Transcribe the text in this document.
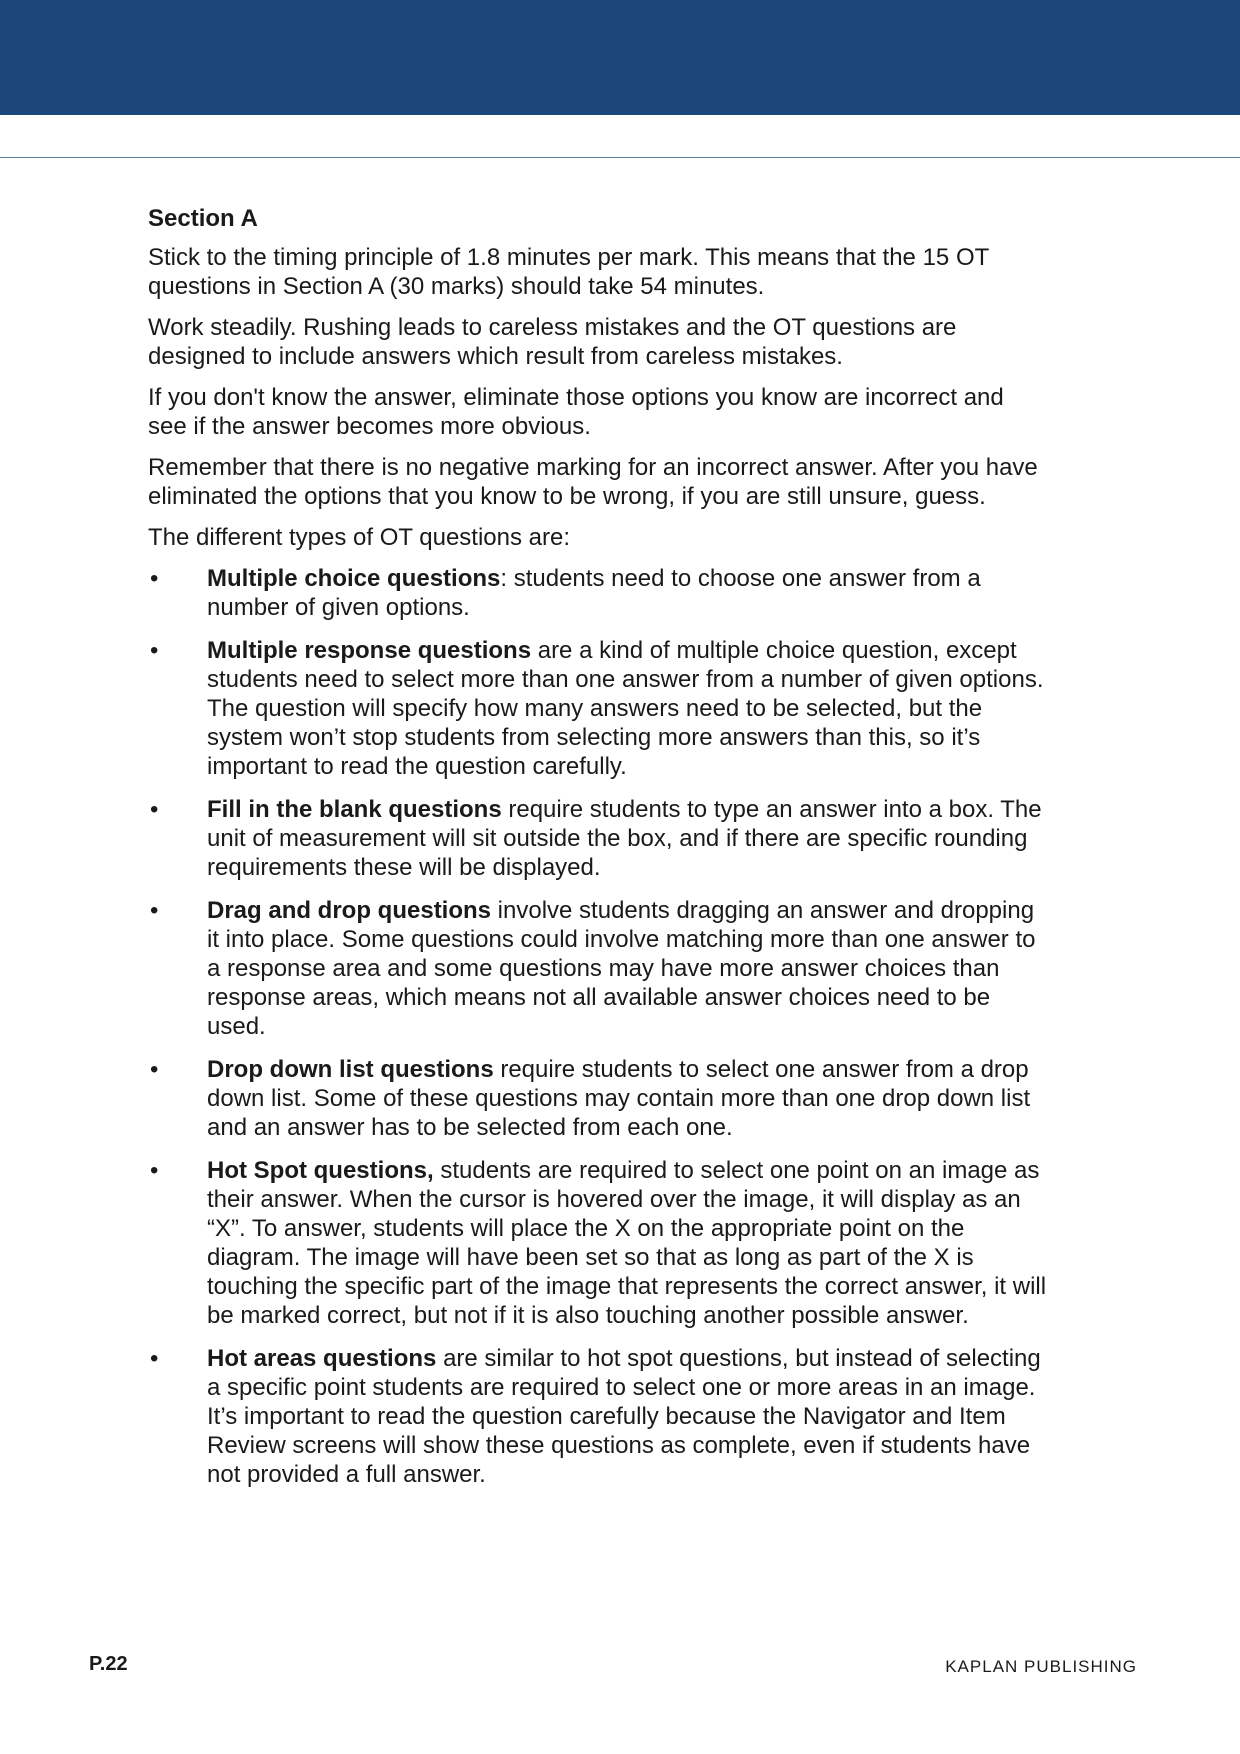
Section A

Stick to the timing principle of 1.8 minutes per mark. This means that the 15 OT questions in Section A (30 marks) should take 54 minutes.

Work steadily. Rushing leads to careless mistakes and the OT questions are designed to include answers which result from careless mistakes.

If you don't know the answer, eliminate those options you know are incorrect and see if the answer becomes more obvious.

Remember that there is no negative marking for an incorrect answer. After you have eliminated the options that you know to be wrong, if you are still unsure, guess.

The different types of OT questions are:

• Multiple choice questions: students need to choose one answer from a number of given options.
• Multiple response questions are a kind of multiple choice question, except students need to select more than one answer from a number of given options. The question will specify how many answers need to be selected, but the system won’t stop students from selecting more answers than this, so it’s important to read the question carefully.
• Fill in the blank questions require students to type an answer into a box. The unit of measurement will sit outside the box, and if there are specific rounding requirements these will be displayed.
• Drag and drop questions involve students dragging an answer and dropping it into place. Some questions could involve matching more than one answer to a response area and some questions may have more answer choices than response areas, which means not all available answer choices need to be used.
• Drop down list questions require students to select one answer from a drop down list. Some of these questions may contain more than one drop down list and an answer has to be selected from each one.
• Hot Spot questions, students are required to select one point on an image as their answer. When the cursor is hovered over the image, it will display as an “X”. To answer, students will place the X on the appropriate point on the diagram. The image will have been set so that as long as part of the X is touching the specific part of the image that represents the correct answer, it will be marked correct, but not if it is also touching another possible answer.
• Hot areas questions are similar to hot spot questions, but instead of selecting a specific point students are required to select one or more areas in an image. It’s important to read the question carefully because the Navigator and Item Review screens will show these questions as complete, even if students have not provided a full answer.
P.22	KAPLAN PUBLISHING
